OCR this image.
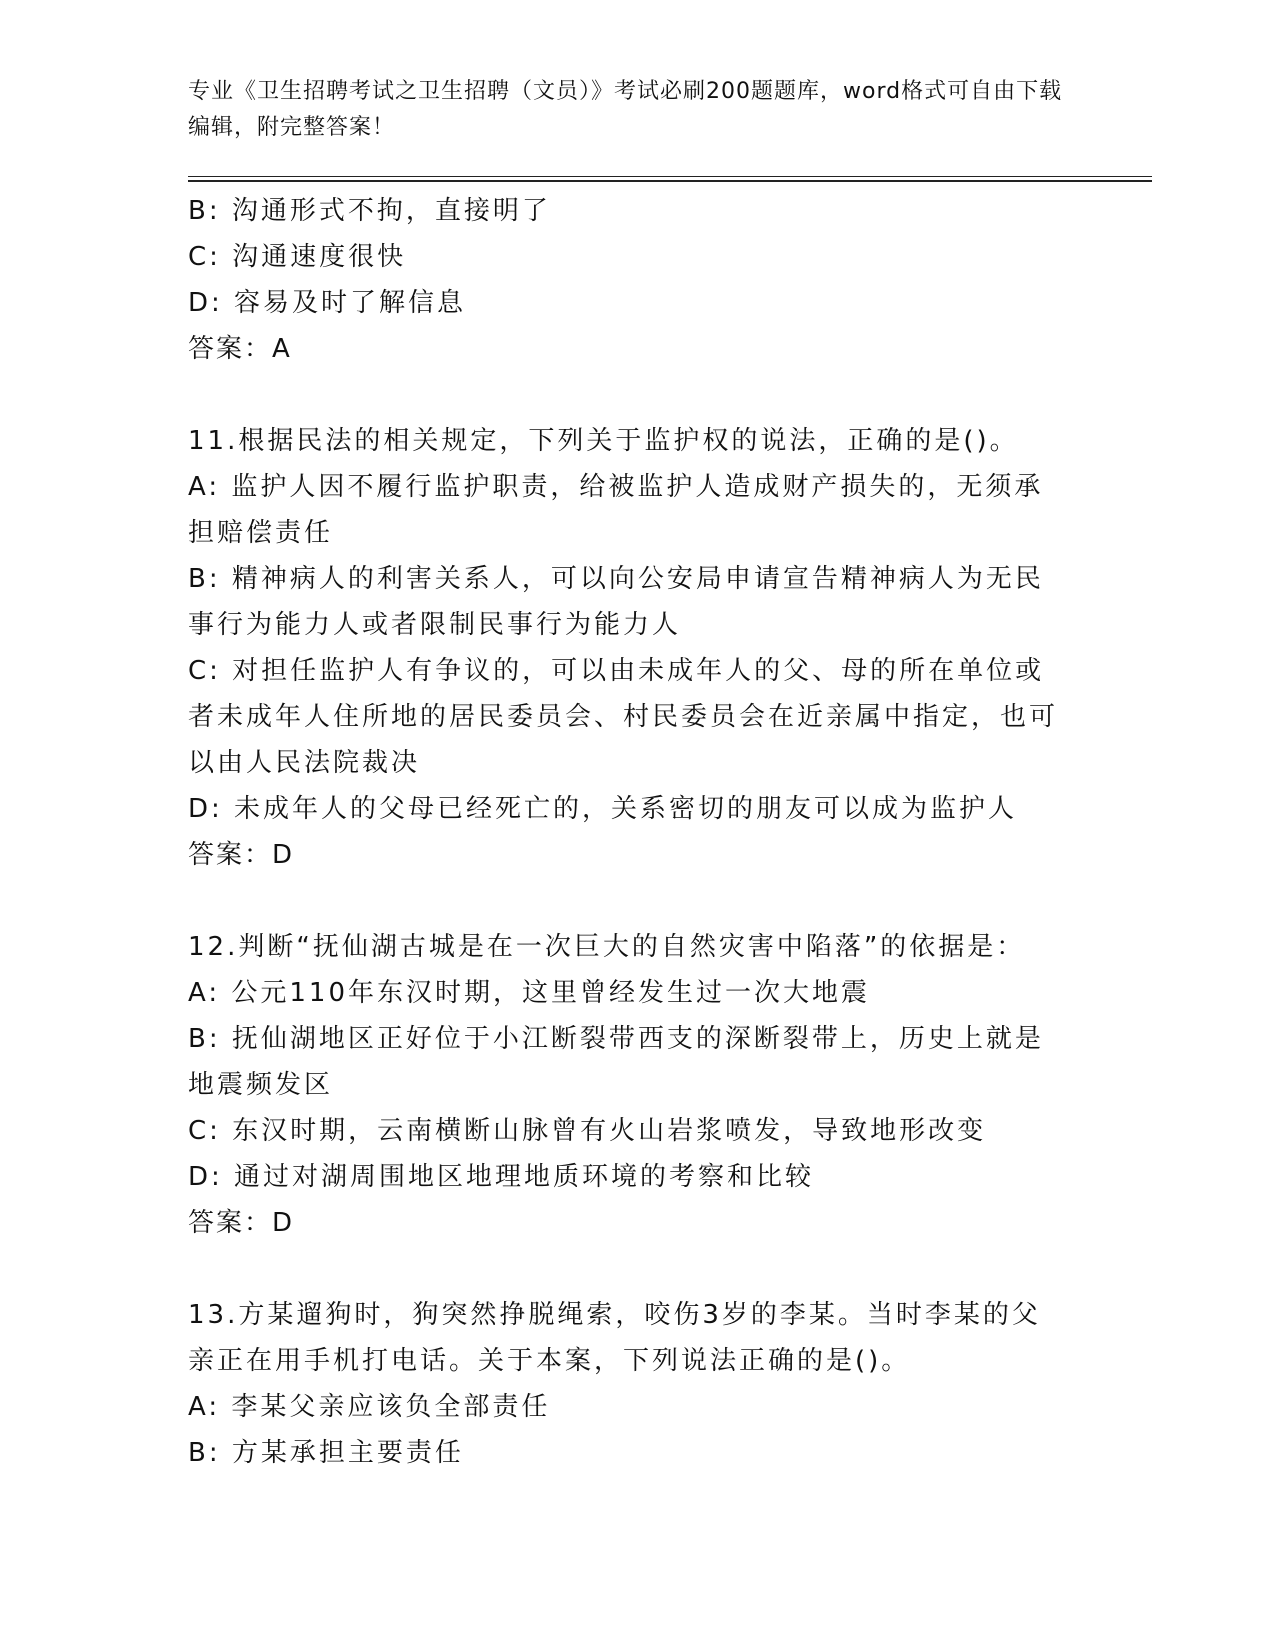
专业《卫生招聘考试之卫生招聘（文员）》考试必刷200题题库，word格式可自由下载编辑，附完整答案！

B: 沟通形式不拘，直接明了

C: 沟通速度很快

D: 容易及时了解信息

答案：A

11.根据民法的相关规定，下列关于监护权的说法，正确的是()。

A: 监护人因不履行监护职责，给被监护人造成财产损失的，无须承担赔偿责任

B: 精神病人的利害关系人，可以向公安局申请宣告精神病人为无民事行为能力人或者限制民事行为能力人

C: 对担任监护人有争议的，可以由未成年人的父、母的所在单位或者未成年人住所地的居民委员会、村民委员会在近亲属中指定，也可以由人民法院裁决

D: 未成年人的父母已经死亡的，关系密切的朋友可以成为监护人

答案：D

12.判断“抚仙湖古城是在一次巨大的自然灾害中陷落”的依据是：

A: 公元110年东汉时期，这里曾经发生过一次大地震

B: 抚仙湖地区正好位于小江断裂带西支的深断裂带上，历史上就是地震频发区

C: 东汉时期，云南横断山脉曾有火山岩浆喷发，导致地形改变

D: 通过对湖周围地区地理地质环境的考察和比较

答案：D

13.方某遛狗时，狗突然挣脱绳索，咬伤3岁的李某。当时李某的父亲正在用手机打电话。关于本案，下列说法正确的是()。

A: 李某父亲应该负全部责任

B: 方某承担主要责任
